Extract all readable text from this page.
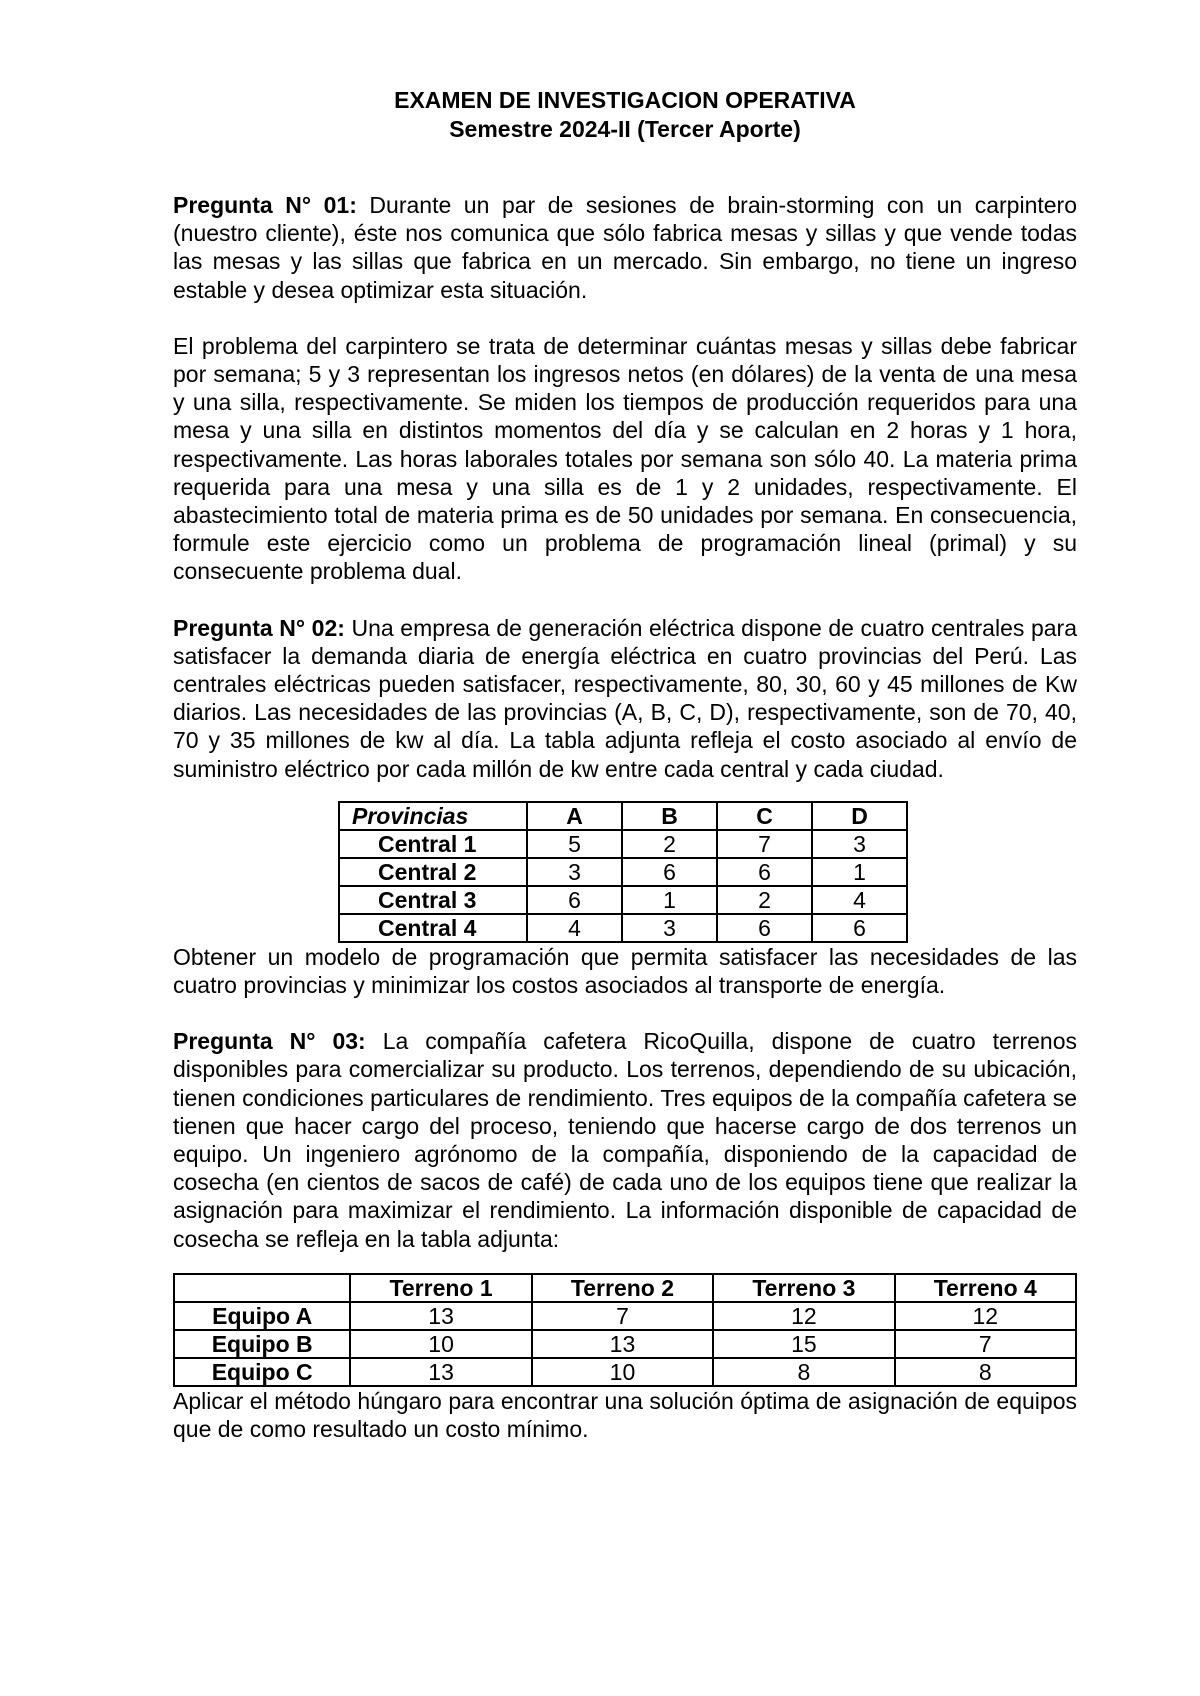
EXAMEN DE INVESTIGACION OPERATIVA
Semestre 2024-II (Tercer Aporte)

Pregunta N° 01: Durante un par de sesiones de brain-storming con un carpintero (nuestro cliente), éste nos comunica que sólo fabrica mesas y sillas y que vende todas las mesas y las sillas que fabrica en un mercado. Sin embargo, no tiene un ingreso estable y desea optimizar esta situación.

El problema del carpintero se trata de determinar cuántas mesas y sillas debe fabricar por semana; 5 y 3 representan los ingresos netos (en dólares) de la venta de una mesa y una silla, respectivamente. Se miden los tiempos de producción requeridos para una mesa y una silla en distintos momentos del día y se calculan en 2 horas y 1 hora, respectivamente. Las horas laborales totales por semana son sólo 40. La materia prima requerida para una mesa y una silla es de 1 y 2 unidades, respectivamente. El abastecimiento total de materia prima es de 50 unidades por semana. En consecuencia, formule este ejercicio como un problema de programación lineal (primal) y su consecuente problema dual.

Pregunta N° 02: Una empresa de generación eléctrica dispone de cuatro centrales para satisfacer la demanda diaria de energía eléctrica en cuatro provincias del Perú. Las centrales eléctricas pueden satisfacer, respectivamente, 80, 30, 60 y 45 millones de Kw diarios. Las necesidades de las provincias (A, B, C, D), respectivamente, son de 70, 40, 70 y 35 millones de kw al día. La tabla adjunta refleja el costo asociado al envío de suministro eléctrico por cada millón de kw entre cada central y cada ciudad.

Provincias	A	B	C	D
Central 1	5	2	7	3
Central 2	3	6	6	1
Central 3	6	1	2	4
Central 4	4	3	6	6

Obtener un modelo de programación que permita satisfacer las necesidades de las cuatro provincias y minimizar los costos asociados al transporte de energía.

Pregunta N° 03: La compañía cafetera RicoQuilla, dispone de cuatro terrenos disponibles para comercializar su producto. Los terrenos, dependiendo de su ubicación, tienen condiciones particulares de rendimiento. Tres equipos de la compañía cafetera se tienen que hacer cargo del proceso, teniendo que hacerse cargo de dos terrenos un equipo. Un ingeniero agrónomo de la compañía, disponiendo de la capacidad de cosecha (en cientos de sacos de café) de cada uno de los equipos tiene que realizar la asignación para maximizar el rendimiento. La información disponible de capacidad de cosecha se refleja en la tabla adjunta:

	Terreno 1	Terreno 2	Terreno 3	Terreno 4
Equipo A	13	7	12	12
Equipo B	10	13	15	7
Equipo C	13	10	8	8

Aplicar el método húngaro para encontrar una solución óptima de asignación de equipos que de como resultado un costo mínimo.
